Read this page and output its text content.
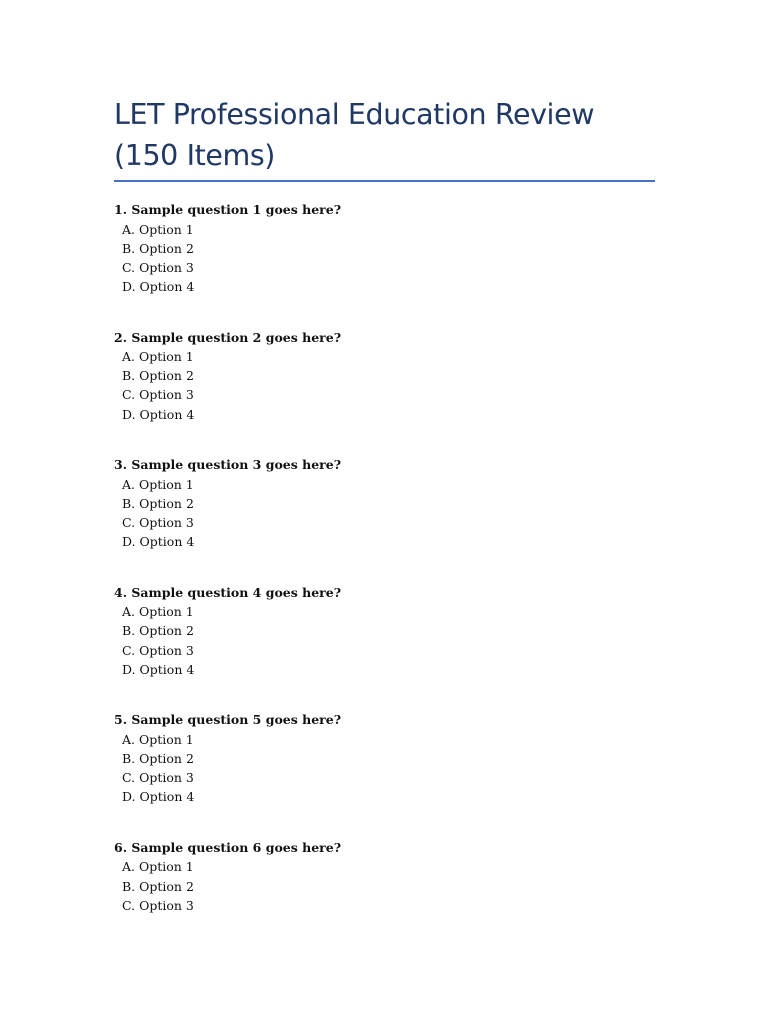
LET Professional Education Review (150 Items)

1. Sample question 1 goes here?

A. Option 1
B. Option 2
C. Option 3
D. Option 4

2. Sample question 2 goes here?

A. Option 1
B. Option 2
C. Option 3
D. Option 4

3. Sample question 3 goes here?

A. Option 1
B. Option 2
C. Option 3
D. Option 4

4. Sample question 4 goes here?

A. Option 1
B. Option 2
C. Option 3
D. Option 4

5. Sample question 5 goes here?

A. Option 1
B. Option 2
C. Option 3
D. Option 4

6. Sample question 6 goes here?

A. Option 1
B. Option 2
C. Option 3
